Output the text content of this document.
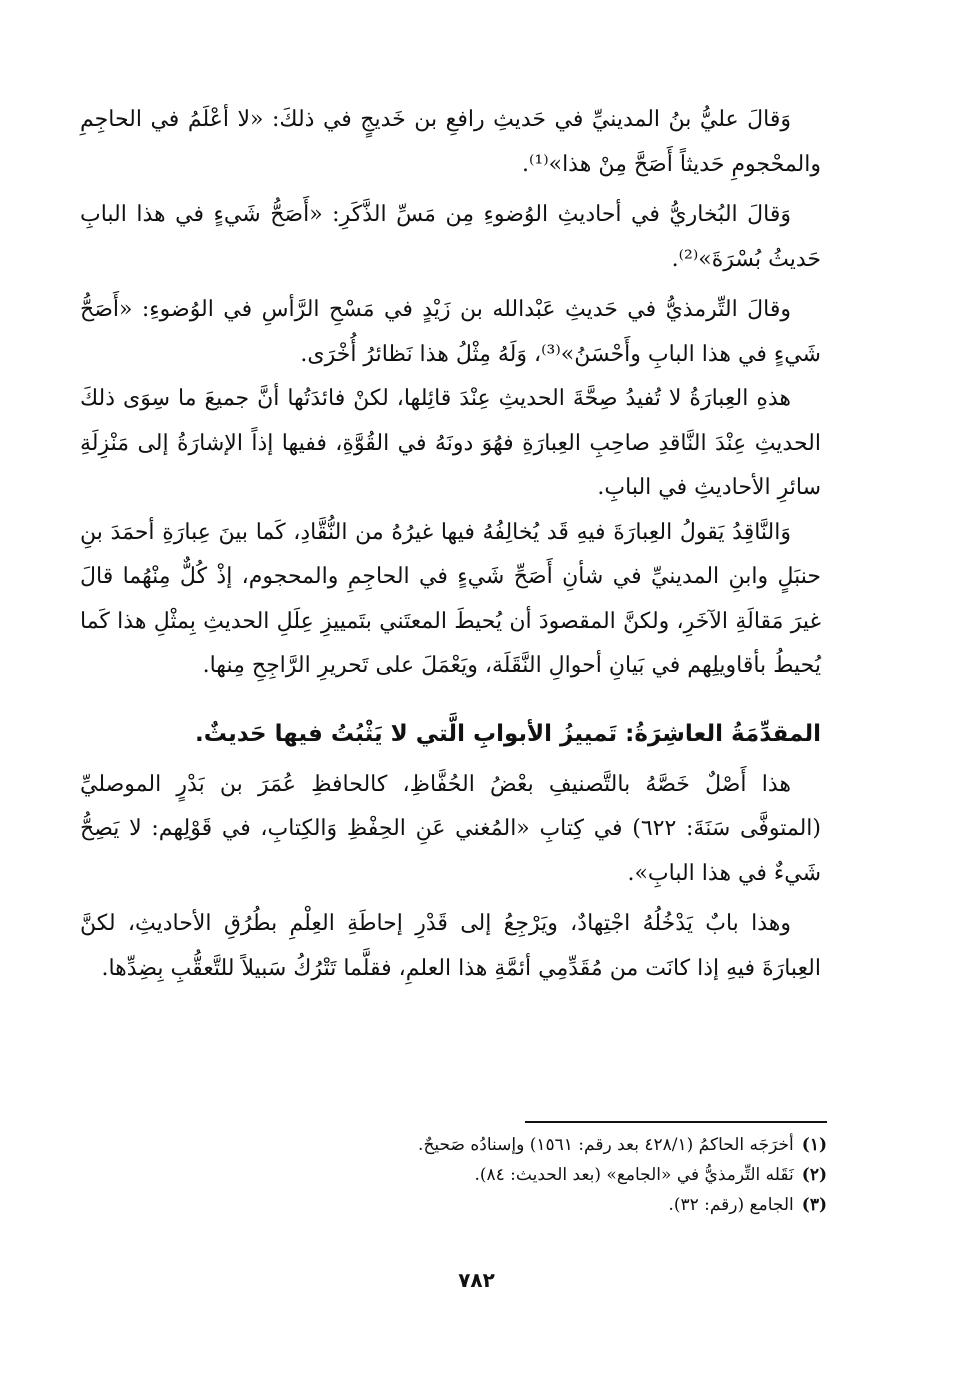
وَقالَ عليُّ بنُ المدينيِّ في حَديثِ رافعِ بن خَديجٍ في ذلكَ: «لا أعْلَمُ في الحاجِمِ والمحْجومِ حَديثاً أَصَحَّ مِنْ هذا»⁽¹⁾.

وَقالَ البُخاريُّ في أحاديثِ الوُضوءِ مِن مَسِّ الذَّكَرِ: «أَصَحُّ شَيءٍ في هذا البابِ حَديثُ بُسْرَةَ»⁽²⁾.

وقالَ التِّرمذيُّ في حَديثِ عَبْدالله بن زَيْدٍ في مَسْحِ الرَّأسِ في الوُضوءِ: «أَصَحُّ شَيءٍ في هذا البابِ وأَحْسَنُ»⁽³⁾، وَلَهُ مِثْلُ هذا نَظائرُ أُخْرَى.

هذهِ العِبارَةُ لا تُفيدُ صِحَّةَ الحديثِ عِنْدَ قائِلها، لكنْ فائدَتُها أنَّ جميعَ ما سِوَى ذلكَ الحديثِ عِنْدَ النَّاقدِ صاحِبِ العِبارَةِ فهُوَ دونَهُ في القُوَّةِ، ففيها إذاً الإشارَةُ إلى مَنْزِلَةِ سائرِ الأحاديثِ في البابِ.

وَالنَّاقِدُ يَقولُ العِبارَةَ فيهِ قَد يُخالِفُهُ فيها غيرُهُ من النُّقَّادِ، كَما بينَ عِبارَةِ أحمَدَ بنِ حنبَلٍ وابنِ المدينيِّ في شأنِ أَصَحِّ شَيءٍ في الحاجِمِ والمحجوم، إذْ كُلٌّ مِنْهُما قالَ غيرَ مَقالَةِ الآخَرِ، ولكنَّ المقصودَ أن يُحيطَ المعتَني بتَمييزِ عِلَلِ الحديثِ بِمثْلِ هذا كَما يُحيطُ بأقاويلِهم في بَيانِ أحوالِ النَّقَلَة، ويَعْمَلَ على تَحريرِ الرَّاجِحِ مِنها.

المقدِّمَةُ العاشِرَةُ: تَمييزُ الأبوابِ الَّتي لا يَثْبُتُ فيها حَديثٌ.

هذا أَصْلٌ خَصَّهُ بالتَّصنيفِ بعْضُ الحُفَّاظِ، كالحافظِ عُمَرَ بن بَدْرٍ الموصليِّ (المتوفَّى سَنَةَ: ٦٢٢) في كِتابِ «المُغني عَنِ الحِفْظِ وَالكِتابِ، في قَوْلِهم: لا يَصِحُّ شَيءٌ في هذا البابِ».

وهذا بابٌ يَدْخُلُهُ اجْتِهادٌ، ويَرْجِعُ إلى قَدْرِ إحاطَةِ العِلْمِ بطُرُقِ الأحاديثِ، لكنَّ العِبارَةَ فيهِ إذا كانَت من مُقَدِّمِي أئمَّةِ هذا العلمِ، فقلَّما تَتْرُكُ سَبيلاً للتَّعقُّبِ بِضِدِّها.

(١)أخرَجَه الحاكمُ (٤٢٨/١ بعد رقم: ١٥٦١) وإسنادُه صَحيحٌ.
(٢)نَقَله التِّرمذيُّ في «الجامع» (بعد الحديث: ٨٤).
(٣)الجامع (رقم: ٣٢).
٧٨٢
